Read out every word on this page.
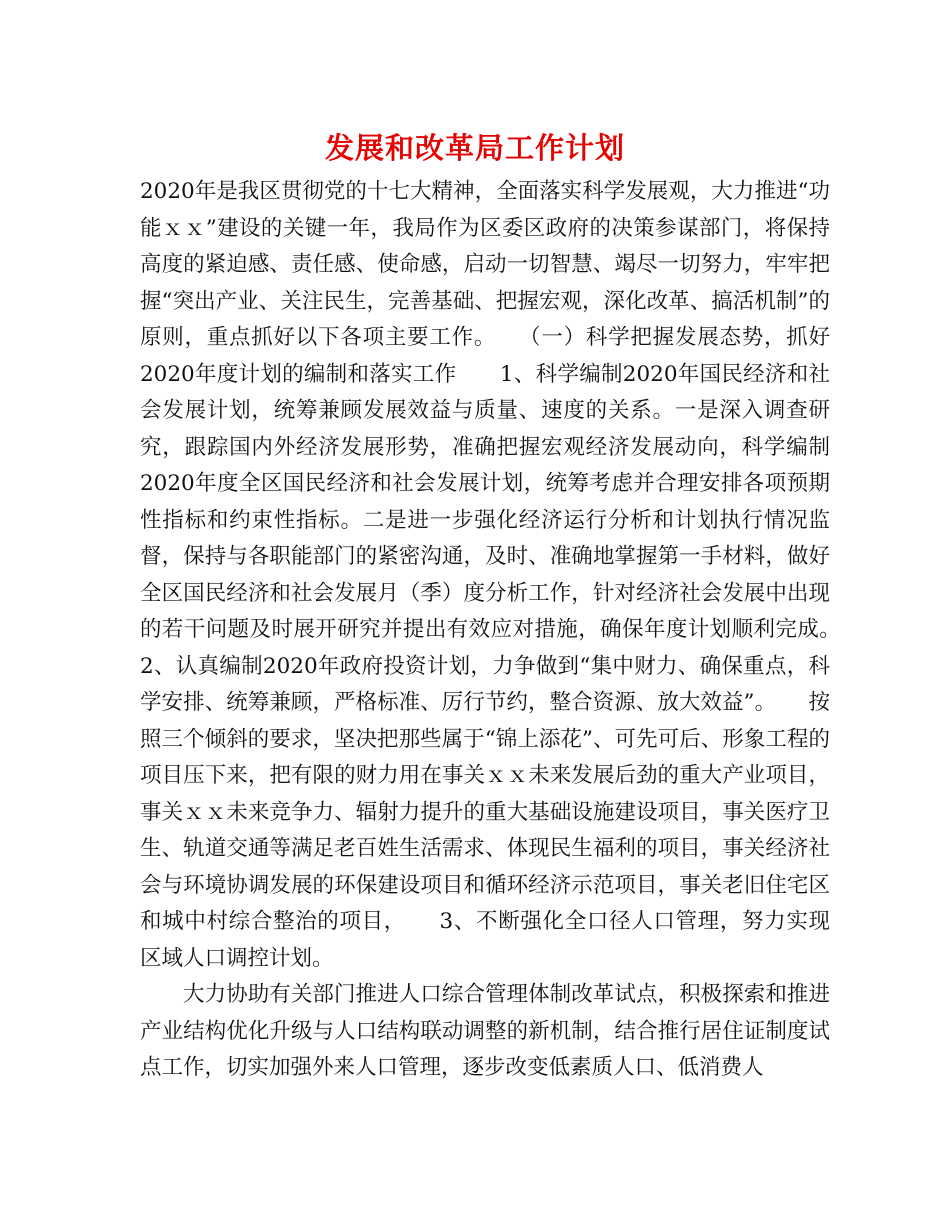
发展和改革局工作计划

2020年是我区贯彻党的十七大精神，全面落实科学发展观，大力推进“功能ｘｘ”建设的关键一年，我局作为区委区政府的决策参谋部门，将保持高度的紧迫感、责任感、使命感，启动一切智慧、竭尽一切努力，牢牢把握“突出产业、关注民生，完善基础、把握宏观，深化改革、搞活机制”的原则，重点抓好以下各项主要工作。　　（一）科学把握发展态势，抓好2020年度计划的编制和落实工作　　1、科学编制2020年国民经济和社会发展计划，统筹兼顾发展效益与质量、速度的关系。一是深入调查研究，跟踪国内外经济发展形势，准确把握宏观经济发展动向，科学编制2020年度全区国民经济和社会发展计划，统筹考虑并合理安排各项预期性指标和约束性指标。二是进一步强化经济运行分析和计划执行情况监督，保持与各职能部门的紧密沟通，及时、准确地掌握第一手材料，做好全区国民经济和社会发展月（季）度分析工作，针对经济社会发展中出现的若干问题及时展开研究并提出有效应对措施，确保年度计划顺利完成。　　2、认真编制2020年政府投资计划，力争做到“集中财力、确保重点，科学安排、统筹兼顾，严格标准、厉行节约，整合资源、放大效益”。　　按照三个倾斜的要求，坚决把那些属于“锦上添花”、可先可后、形象工程的项目压下来，把有限的财力用在事关ｘｘ未来发展后劲的重大产业项目，事关ｘｘ未来竞争力、辐射力提升的重大基础设施建设项目，事关医疗卫生、轨道交通等满足老百姓生活需求、体现民生福利的项目，事关经济社会与环境协调发展的环保建设项目和循环经济示范项目，事关老旧住宅区和城中村综合整治的项目，　　3、不断强化全口径人口管理，努力实现区域人口调控计划。

大力协助有关部门推进人口综合管理体制改革试点，积极探索和推进产业结构优化升级与人口结构联动调整的新机制，结合推行居住证制度试点工作，切实加强外来人口管理，逐步改变低素质人口、低消费人
